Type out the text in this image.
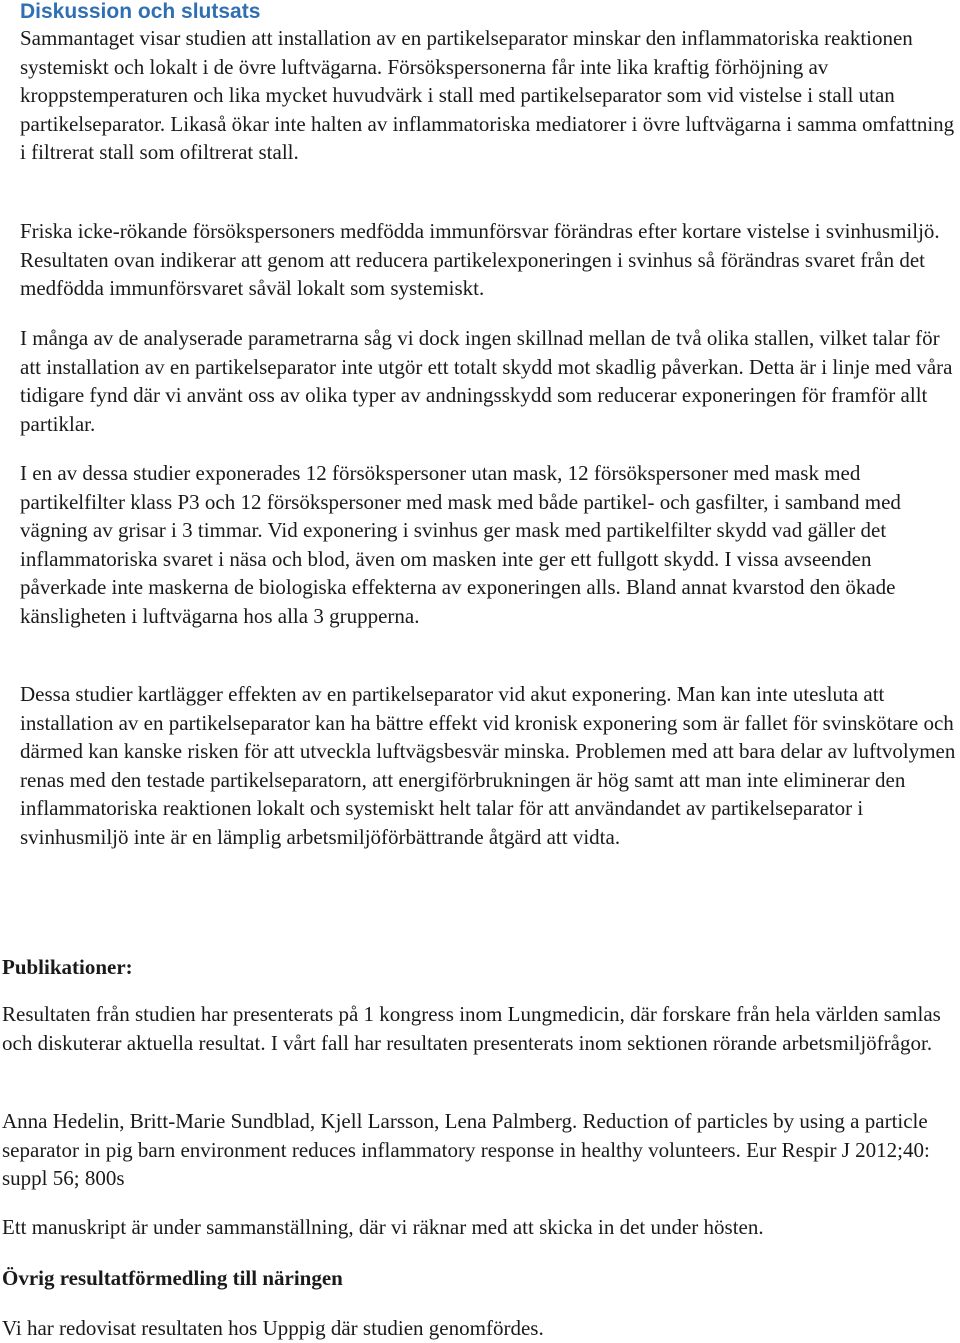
Diskussion och slutsats

Sammantaget visar studien att installation av en partikelseparator minskar den inflammatoriska reaktionen systemiskt och lokalt i de övre luftvägarna. Försökspersonerna får inte lika kraftig förhöjning av kroppstemperaturen och lika mycket huvudvärk i stall med partikelseparator som vid vistelse i stall utan partikelseparator. Likaså ökar inte halten av inflammatoriska mediatorer i övre luftvägarna i samma omfattning i filtrerat stall som ofiltrerat stall.

Friska icke-rökande försökspersoners medfödda immunförsvar förändras efter kortare vistelse i svinhusmiljö. Resultaten ovan indikerar att genom att reducera partikelexponeringen i svinhus så förändras svaret från det medfödda immunförsvaret såväl lokalt som systemiskt.

I många av de analyserade parametrarna såg vi dock ingen skillnad mellan de två olika stallen, vilket talar för att installation av en partikelseparator inte utgör ett totalt skydd mot skadlig påverkan. Detta är i linje med våra tidigare fynd där vi använt oss av olika typer av andningsskydd som reducerar exponeringen för framför allt partiklar.

I en av dessa studier exponerades 12 försökspersoner utan mask, 12 försökspersoner med mask med partikelfilter klass P3 och 12 försökspersoner med mask med både partikel- och gasfilter, i samband med vägning av grisar i 3 timmar. Vid exponering i svinhus ger mask med partikelfilter skydd vad gäller det inflammatoriska svaret i näsa och blod, även om masken inte ger ett fullgott skydd. I vissa avseenden påverkade inte maskerna de biologiska effekterna av exponeringen alls. Bland annat kvarstod den ökade känsligheten i luftvägarna hos alla 3 grupperna.

Dessa studier kartlägger effekten av en partikelseparator vid akut exponering. Man kan inte utesluta att installation av en partikelseparator kan ha bättre effekt vid kronisk exponering som är fallet för svinskötare och därmed kan kanske risken för att utveckla luftvägsbesvär minska. Problemen med att bara delar av luftvolymen renas med den testade partikelseparatorn, att energiförbrukningen är hög samt att man inte eliminerar den inflammatoriska reaktionen lokalt och systemiskt helt talar för att användandet av partikelseparator i svinhusmiljö inte är en lämplig arbetsmiljöförbättrande åtgärd att vidta.

Publikationer:

Resultaten från studien har presenterats på 1 kongress inom Lungmedicin, där forskare från hela världen samlas och diskuterar aktuella resultat. I vårt fall har resultaten presenterats inom sektionen rörande arbetsmiljöfrågor.

Anna Hedelin, Britt-Marie Sundblad, Kjell Larsson, Lena Palmberg. Reduction of particles by using a particle separator in pig barn environment reduces inflammatory response in healthy volunteers. Eur Respir J 2012;40: suppl 56; 800s

Ett manuskript är under sammanställning, där vi räknar med att skicka in det under hösten.

Övrig resultatförmedling till näringen

Vi har redovisat resultaten hos Upppig där studien genomfördes.
